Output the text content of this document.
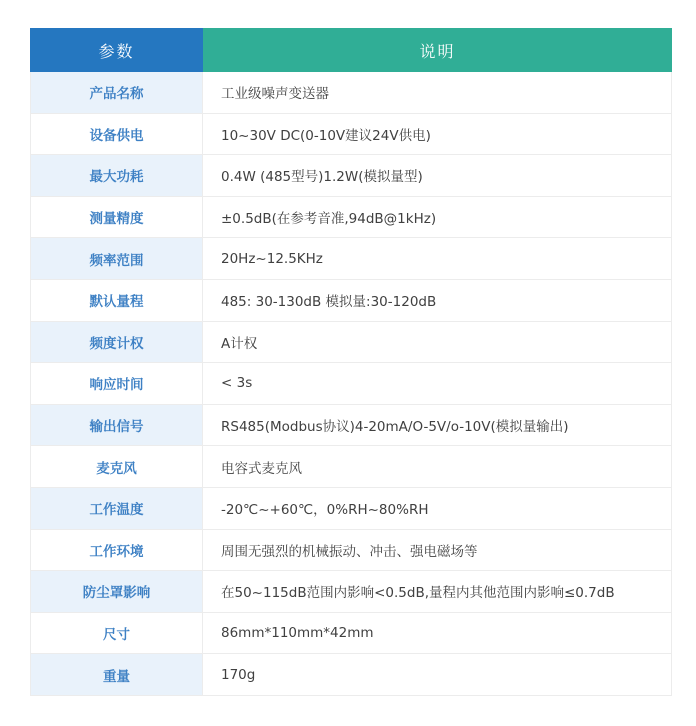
参数	说明
产品名称	工业级噪声变送器
设备供电	10~30V DC(0-10V建议24V供电)
最大功耗	0.4W (485型号)1.2W(模拟量型)
测量精度	±0.5dB(在参考音准,94dB@1kHz)
频率范围	20Hz~12.5KHz
默认量程	485: 30-130dB 模拟量:30-120dB
频度计权	A计权
响应时间	< 3s
输出信号	RS485(Modbus协议)4-20mA/O-5V/o-10V(模拟量输出)
麦克风	电容式麦克风
工作温度	-20℃~+60℃，0%RH~80%RH
工作环境	周围无强烈的机械振动、冲击、强电磁场等
防尘罩影响	在50~115dB范围内影响<0.5dB,量程内其他范围内影响≤0.7dB
尺寸	86mm*110mm*42mm
重量	170g
